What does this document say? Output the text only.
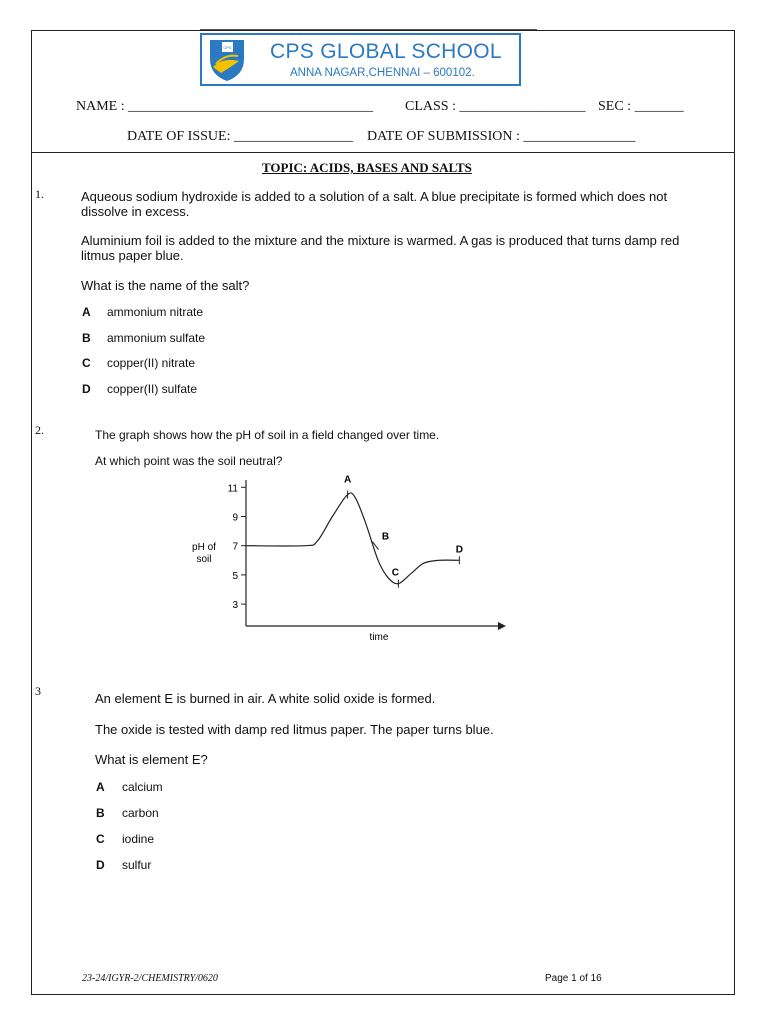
CPS CPS GLOBAL SCHOOL
ANNA NAGAR,CHENNAI – 600102.
NAME : ___________________________________ CLASS : __________________ SEC : _______
DATE OF ISSUE: _________________ DATE OF SUBMISSION : ________________
TOPIC: ACIDS, BASES AND SALTS
1.	Aqueous sodium hydroxide is added to a solution of a salt. A blue precipitate is formed which does not dissolve in excess.
Aluminium foil is added to the mixture and the mixture is warmed. A gas is produced that turns damp red litmus paper blue.
What is the name of the salt?
A ammonium nitrate
B ammonium sulfate
C copper(II) nitrate
D copper(II) sulfate
2.	The graph shows how the pH of soil in a field changed over time.
At which point was the soil neutral?
3
5
7
9
11
A
B
C
D
pH of
soil
time
3	An element E is burned in air. A white solid oxide is formed.
The oxide is tested with damp red litmus paper. The paper turns blue.
What is element E?
A calcium
B carbon
C iodine
D sulfur
23-24/IGYR-2/CHEMISTRY/0620	Page 1 of 16
